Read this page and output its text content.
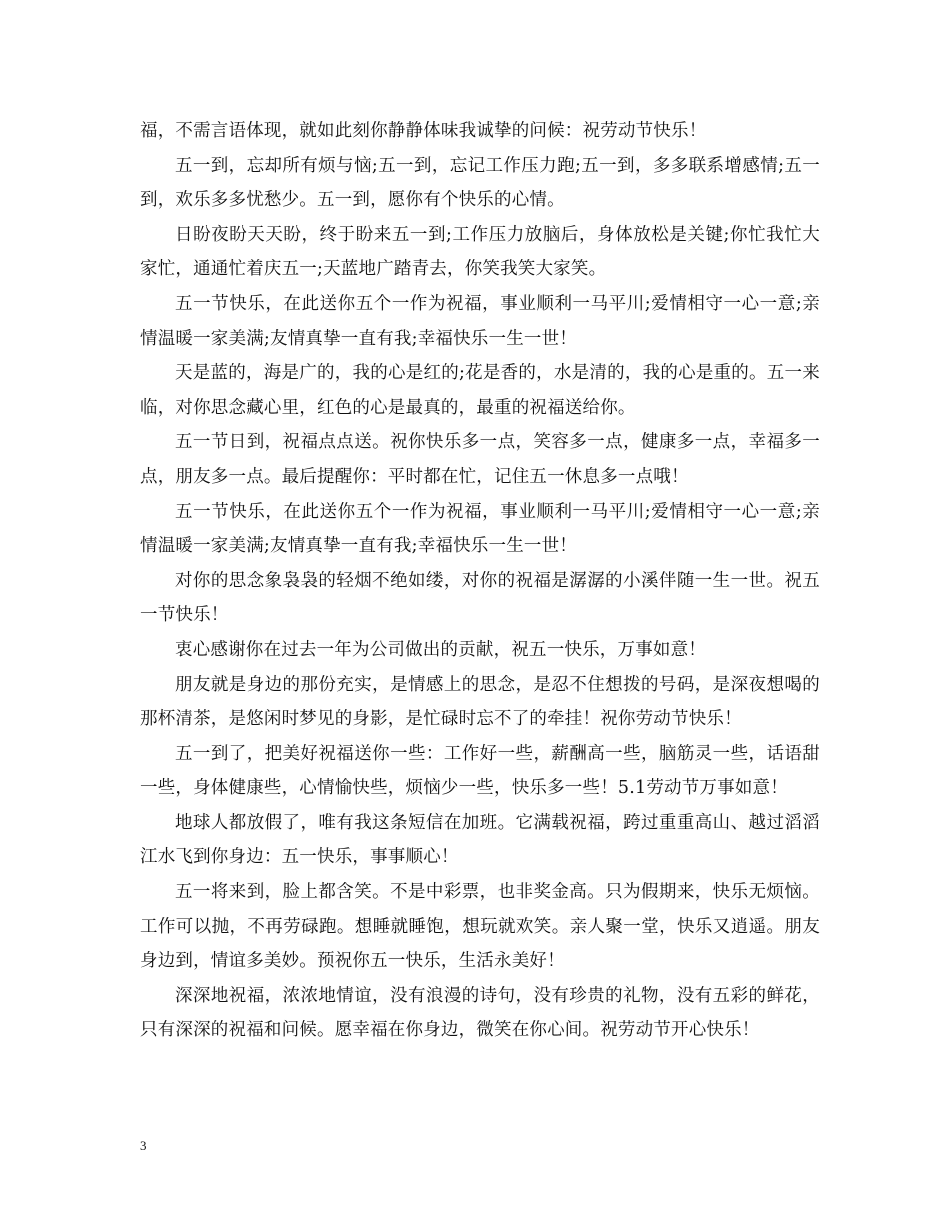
福，不需言语体现，就如此刻你静静体味我诚挚的问候：祝劳动节快乐！

五一到，忘却所有烦与恼;五一到，忘记工作压力跑;五一到，多多联系增感情;五一到，欢乐多多忧愁少。五一到，愿你有个快乐的心情。

日盼夜盼天天盼，终于盼来五一到;工作压力放脑后，身体放松是关键;你忙我忙大家忙，通通忙着庆五一;天蓝地广踏青去，你笑我笑大家笑。

五一节快乐，在此送你五个一作为祝福，事业顺利一马平川;爱情相守一心一意;亲情温暖一家美满;友情真挚一直有我;幸福快乐一生一世！

天是蓝的，海是广的，我的心是红的;花是香的，水是清的，我的心是重的。五一来临，对你思念藏心里，红色的心是最真的，最重的祝福送给你。

五一节日到，祝福点点送。祝你快乐多一点，笑容多一点，健康多一点，幸福多一点，朋友多一点。最后提醒你：平时都在忙，记住五一休息多一点哦！

五一节快乐，在此送你五个一作为祝福，事业顺利一马平川;爱情相守一心一意;亲情温暖一家美满;友情真挚一直有我;幸福快乐一生一世！

对你的思念象袅袅的轻烟不绝如缕，对你的祝福是潺潺的小溪伴随一生一世。祝五一节快乐！

衷心感谢你在过去一年为公司做出的贡献，祝五一快乐，万事如意！

朋友就是身边的那份充实，是情感上的思念，是忍不住想拨的号码，是深夜想喝的那杯清茶，是悠闲时梦见的身影，是忙碌时忘不了的牵挂！祝你劳动节快乐！

五一到了，把美好祝福送你一些：工作好一些，薪酬高一些，脑筋灵一些，话语甜一些，身体健康些，心情愉快些，烦恼少一些，快乐多一些！5.1劳动节万事如意！

地球人都放假了，唯有我这条短信在加班。它满载祝福，跨过重重高山、越过滔滔江水飞到你身边：五一快乐，事事顺心！

五一将来到，脸上都含笑。不是中彩票，也非奖金高。只为假期来，快乐无烦恼。工作可以抛，不再劳碌跑。想睡就睡饱，想玩就欢笑。亲人聚一堂，快乐又逍遥。朋友身边到，情谊多美妙。预祝你五一快乐，生活永美好！

深深地祝福，浓浓地情谊，没有浪漫的诗句，没有珍贵的礼物，没有五彩的鲜花，只有深深的祝福和问候。愿幸福在你身边，微笑在你心间。祝劳动节开心快乐！

3
